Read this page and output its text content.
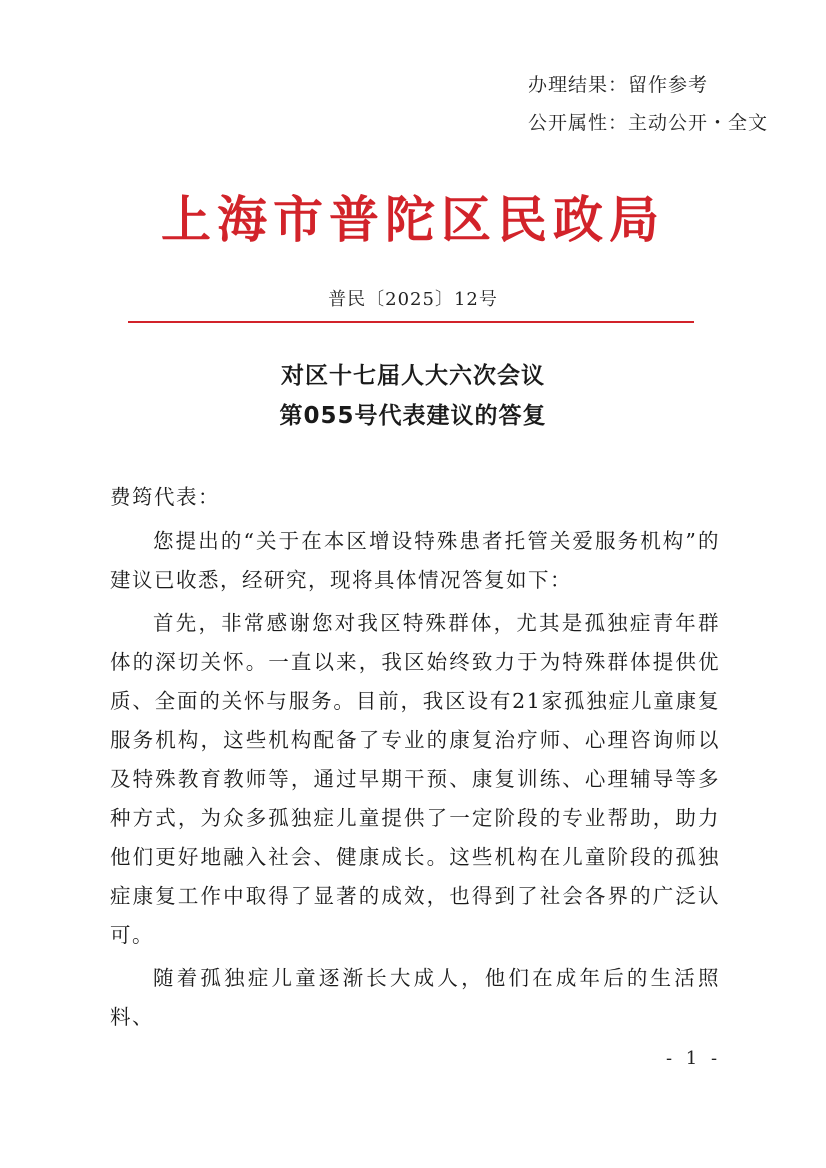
办理结果：留作参考
公开属性：主动公开・全文
上海市普陀区民政局
普民〔2025〕12号
对区十七届人大六次会议
第055号代表建议的答复
费筠代表：

您提出的“关于在本区增设特殊患者托管关爱服务机构”的建议已收悉，经研究，现将具体情况答复如下：

首先，非常感谢您对我区特殊群体，尤其是孤独症青年群体的深切关怀。一直以来，我区始终致力于为特殊群体提供优质、全面的关怀与服务。目前，我区设有21家孤独症儿童康复服务机构，这些机构配备了专业的康复治疗师、心理咨询师以及特殊教育教师等，通过早期干预、康复训练、心理辅导等多种方式，为众多孤独症儿童提供了一定阶段的专业帮助，助力他们更好地融入社会、健康成长。这些机构在儿童阶段的孤独症康复工作中取得了显著的成效，也得到了社会各界的广泛认可。

随着孤独症儿童逐渐长大成人，他们在成年后的生活照料、

- 1 -
